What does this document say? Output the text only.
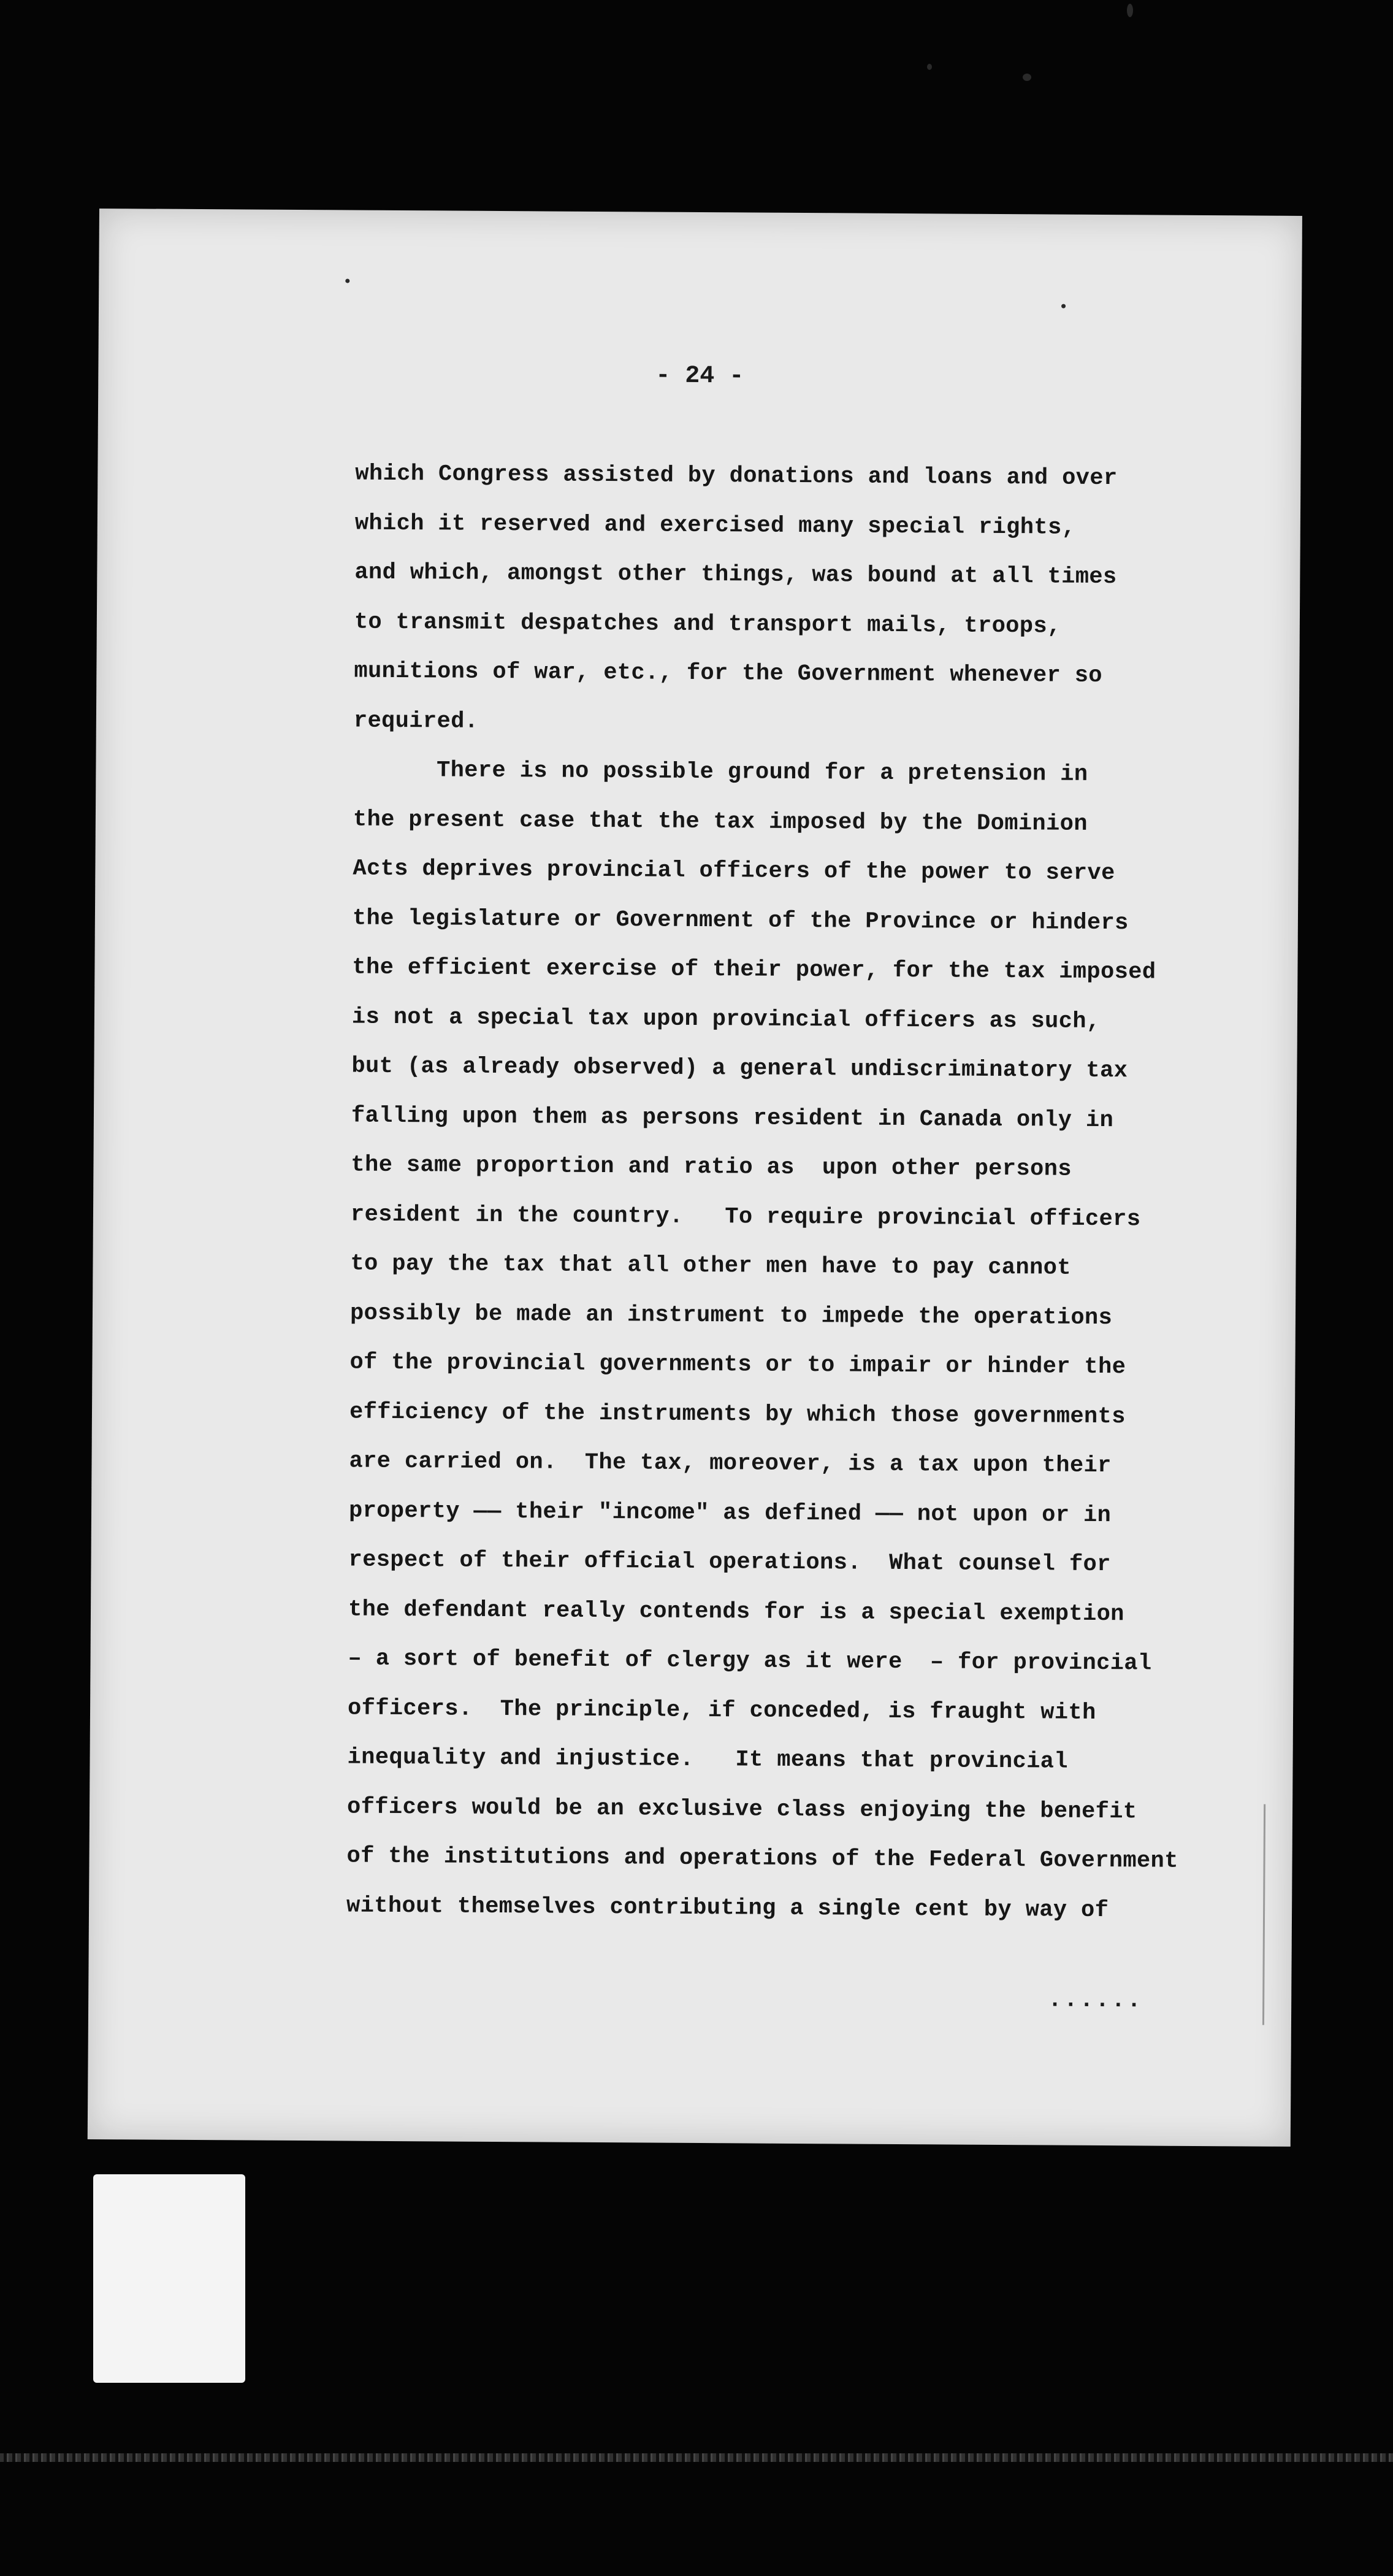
- 24 -

which Congress assisted by donations and loans and over
which it reserved and exercised many special rights,
and which, amongst other things, was bound at all times
to transmit despatches and transport mails, troops,
munitions of war, etc., for the Government whenever so
required.
There is no possible ground for a pretension in
the present case that the tax imposed by the Dominion
Acts deprives provincial officers of the power to serve
the legislature or Government of the Province or hinders
the efficient exercise of their power, for the tax imposed
is not a special tax upon provincial officers as such,
but (as already observed) a general undiscriminatory tax
falling upon them as persons resident in Canada only in
the same proportion and ratio as  upon other persons
resident in the country.   To require provincial officers
to pay the tax that all other men have to pay cannot
possibly be made an instrument to impede the operations
of the provincial governments or to impair or hinder the
efficiency of the instruments by which those governments
are carried on.  The tax, moreover, is a tax upon their
property —— their "income" as defined —— not upon or in
respect of their official operations.  What counsel for
the defendant really contends for is a special exemption
– a sort of benefit of clergy as it were  – for provincial
officers.  The principle, if conceded, is fraught with
inequality and injustice.   It means that provincial
officers would be an exclusive class enjoying the benefit
of the institutions and operations of the Federal Government
without themselves contributing a single cent by way of
......
